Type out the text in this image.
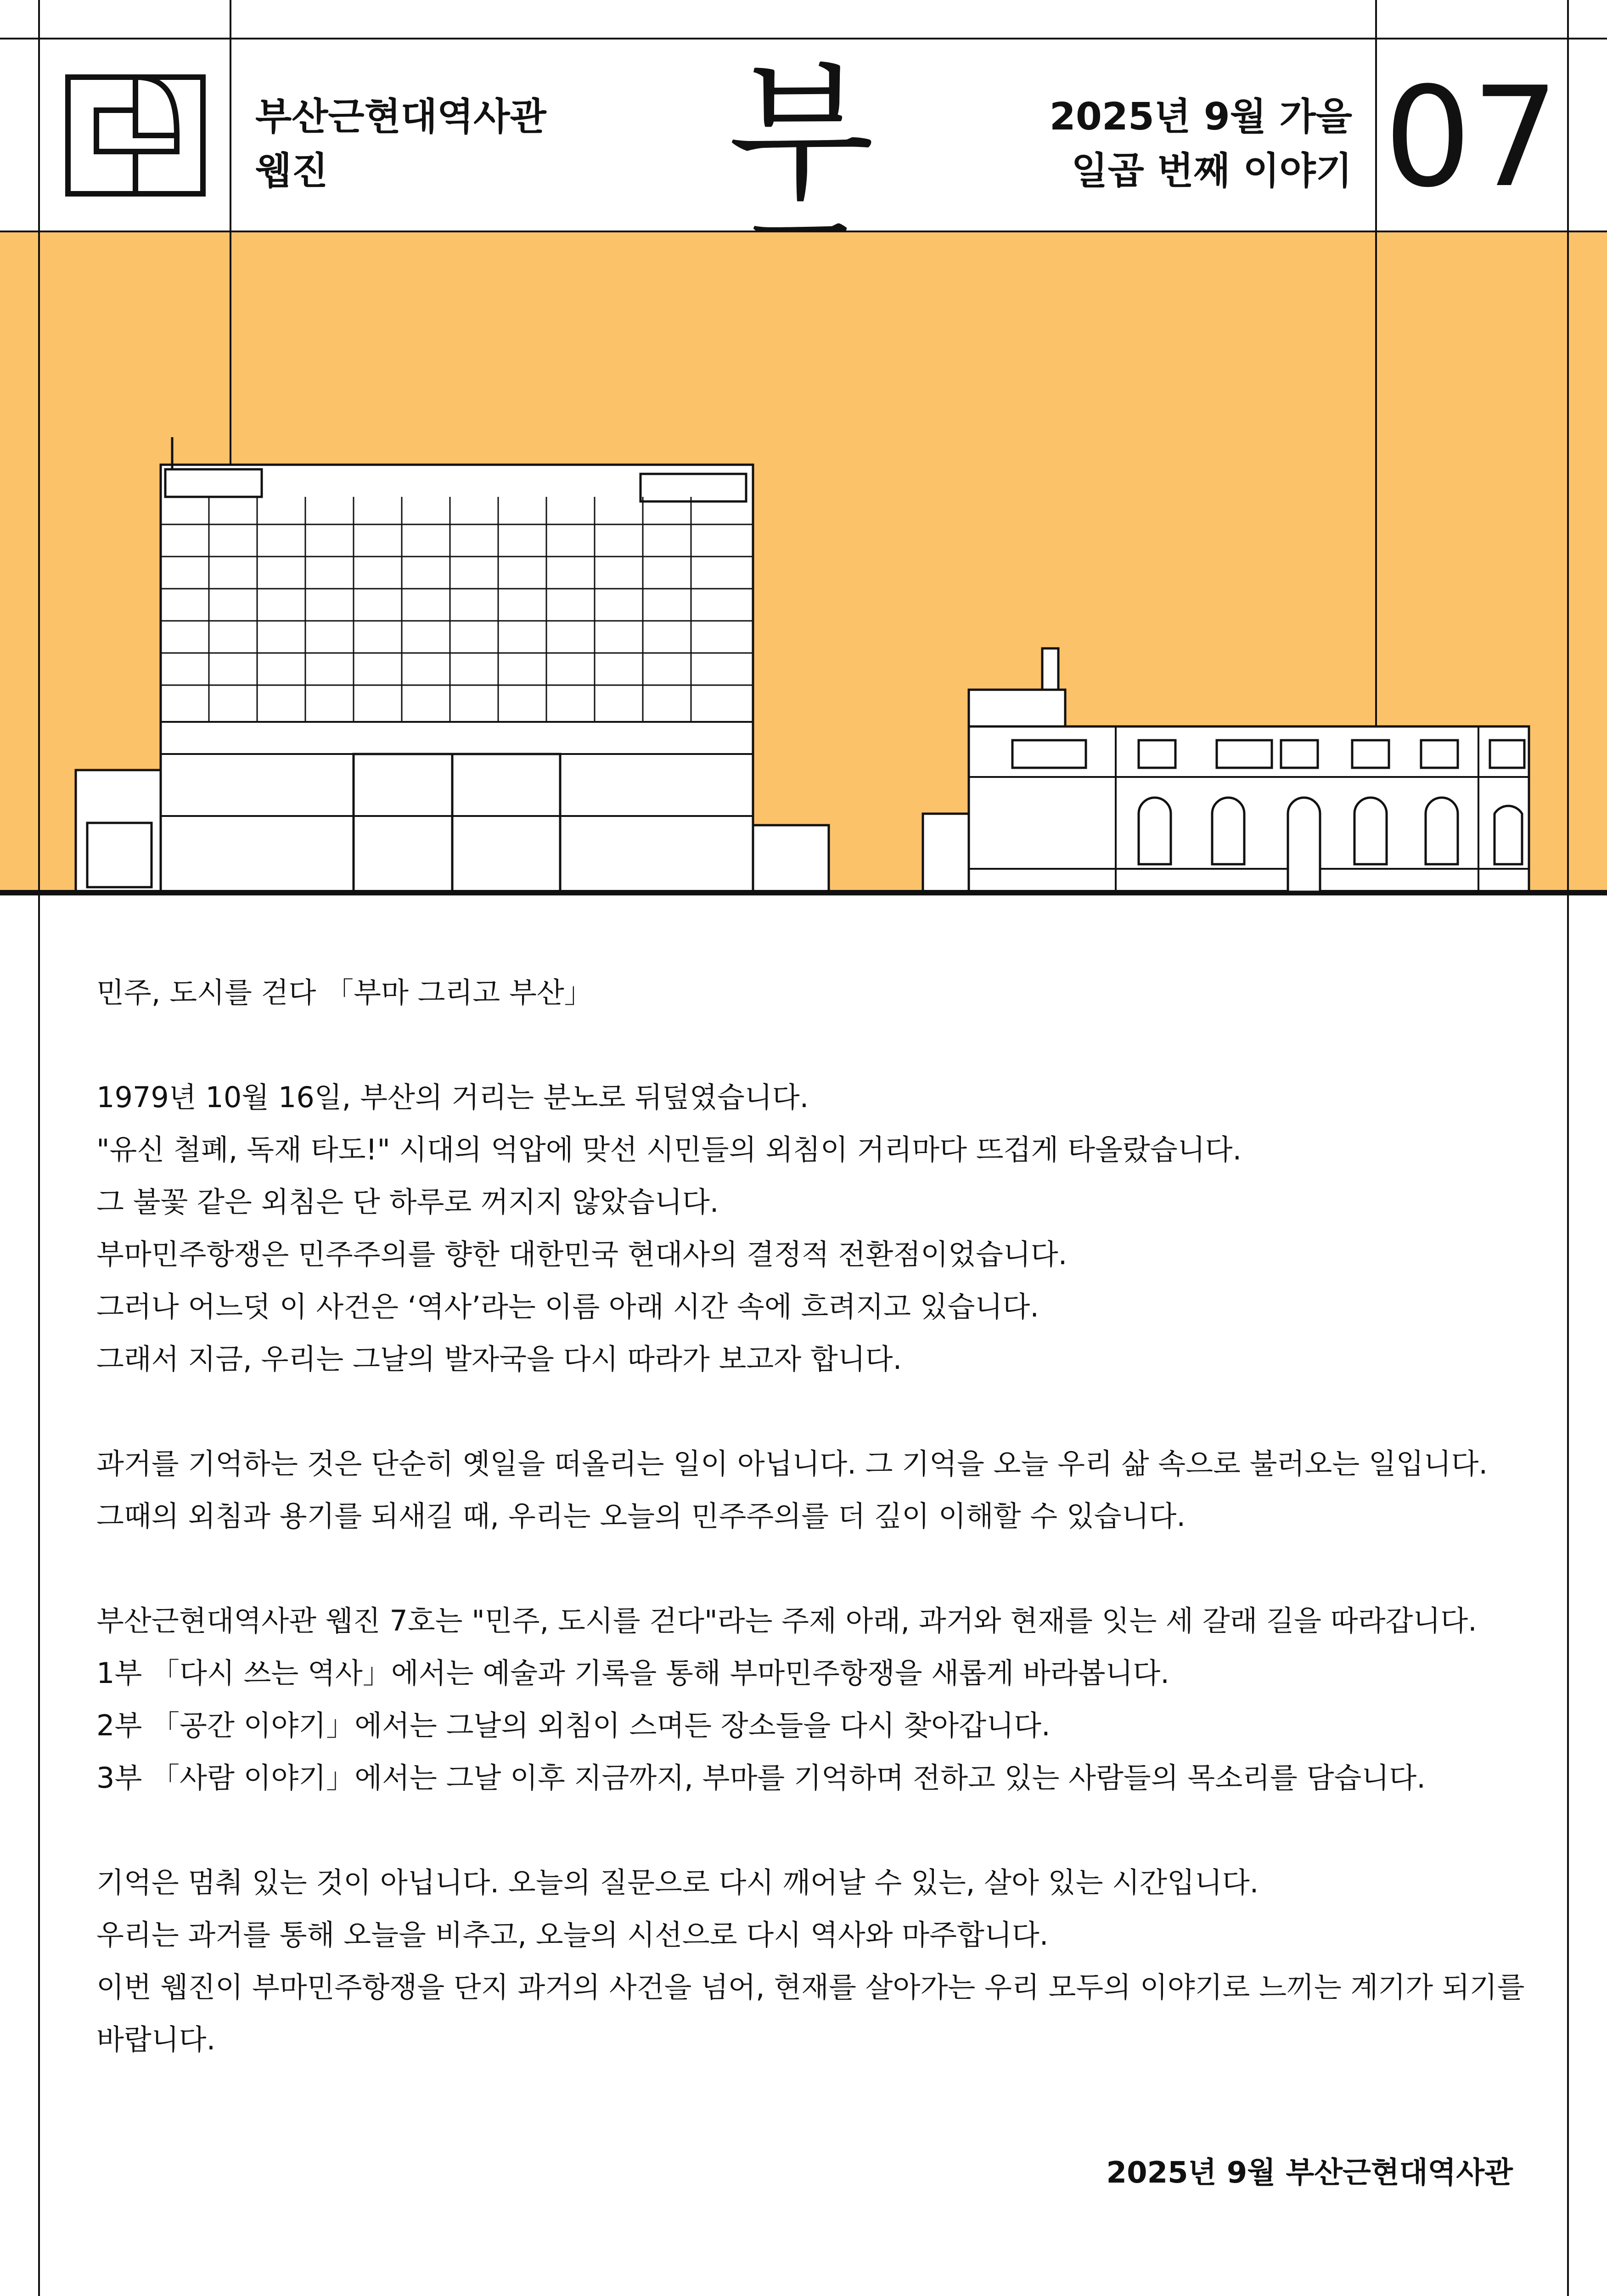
부산근현대역사관
웹진	부	2025년 9월 가을
일곱 번째 이야기 07

민주, 도시를 걷다 「부마 그리고 부산」

1979년 10월 16일, 부산의 거리는 분노로 뒤덮였습니다.

"유신 철폐, 독재 타도!" 시대의 억압에 맞선 시민들의 외침이 거리마다 뜨겁게 타올랐습니다.

그 불꽃 같은 외침은 단 하루로 꺼지지 않았습니다.

부마민주항쟁은 민주주의를 향한 대한민국 현대사의 결정적 전환점이었습니다.

그러나 어느덧 이 사건은 ‘역사’라는 이름 아래 시간 속에 흐려지고 있습니다.

그래서 지금, 우리는 그날의 발자국을 다시 따라가 보고자 합니다.

과거를 기억하는 것은 단순히 옛일을 떠올리는 일이 아닙니다. 그 기억을 오늘 우리 삶 속으로 불러오는 일입니다.

그때의 외침과 용기를 되새길 때, 우리는 오늘의 민주주의를 더 깊이 이해할 수 있습니다.

부산근현대역사관 웹진 7호는 "민주, 도시를 걷다"라는 주제 아래, 과거와 현재를 잇는 세 갈래 길을 따라갑니다.

1부 「다시 쓰는 역사」에서는 예술과 기록을 통해 부마민주항쟁을 새롭게 바라봅니다.

2부 「공간 이야기」에서는 그날의 외침이 스며든 장소들을 다시 찾아갑니다.

3부 「사람 이야기」에서는 그날 이후 지금까지, 부마를 기억하며 전하고 있는 사람들의 목소리를 담습니다.

기억은 멈춰 있는 것이 아닙니다. 오늘의 질문으로 다시 깨어날 수 있는, 살아 있는 시간입니다.

우리는 과거를 통해 오늘을 비추고, 오늘의 시선으로 다시 역사와 마주합니다.

이번 웹진이 부마민주항쟁을 단지 과거의 사건을 넘어, 현재를 살아가는 우리 모두의 이야기로 느끼는 계기가 되기를

바랍니다.

2025년 9월 부산근현대역사관
